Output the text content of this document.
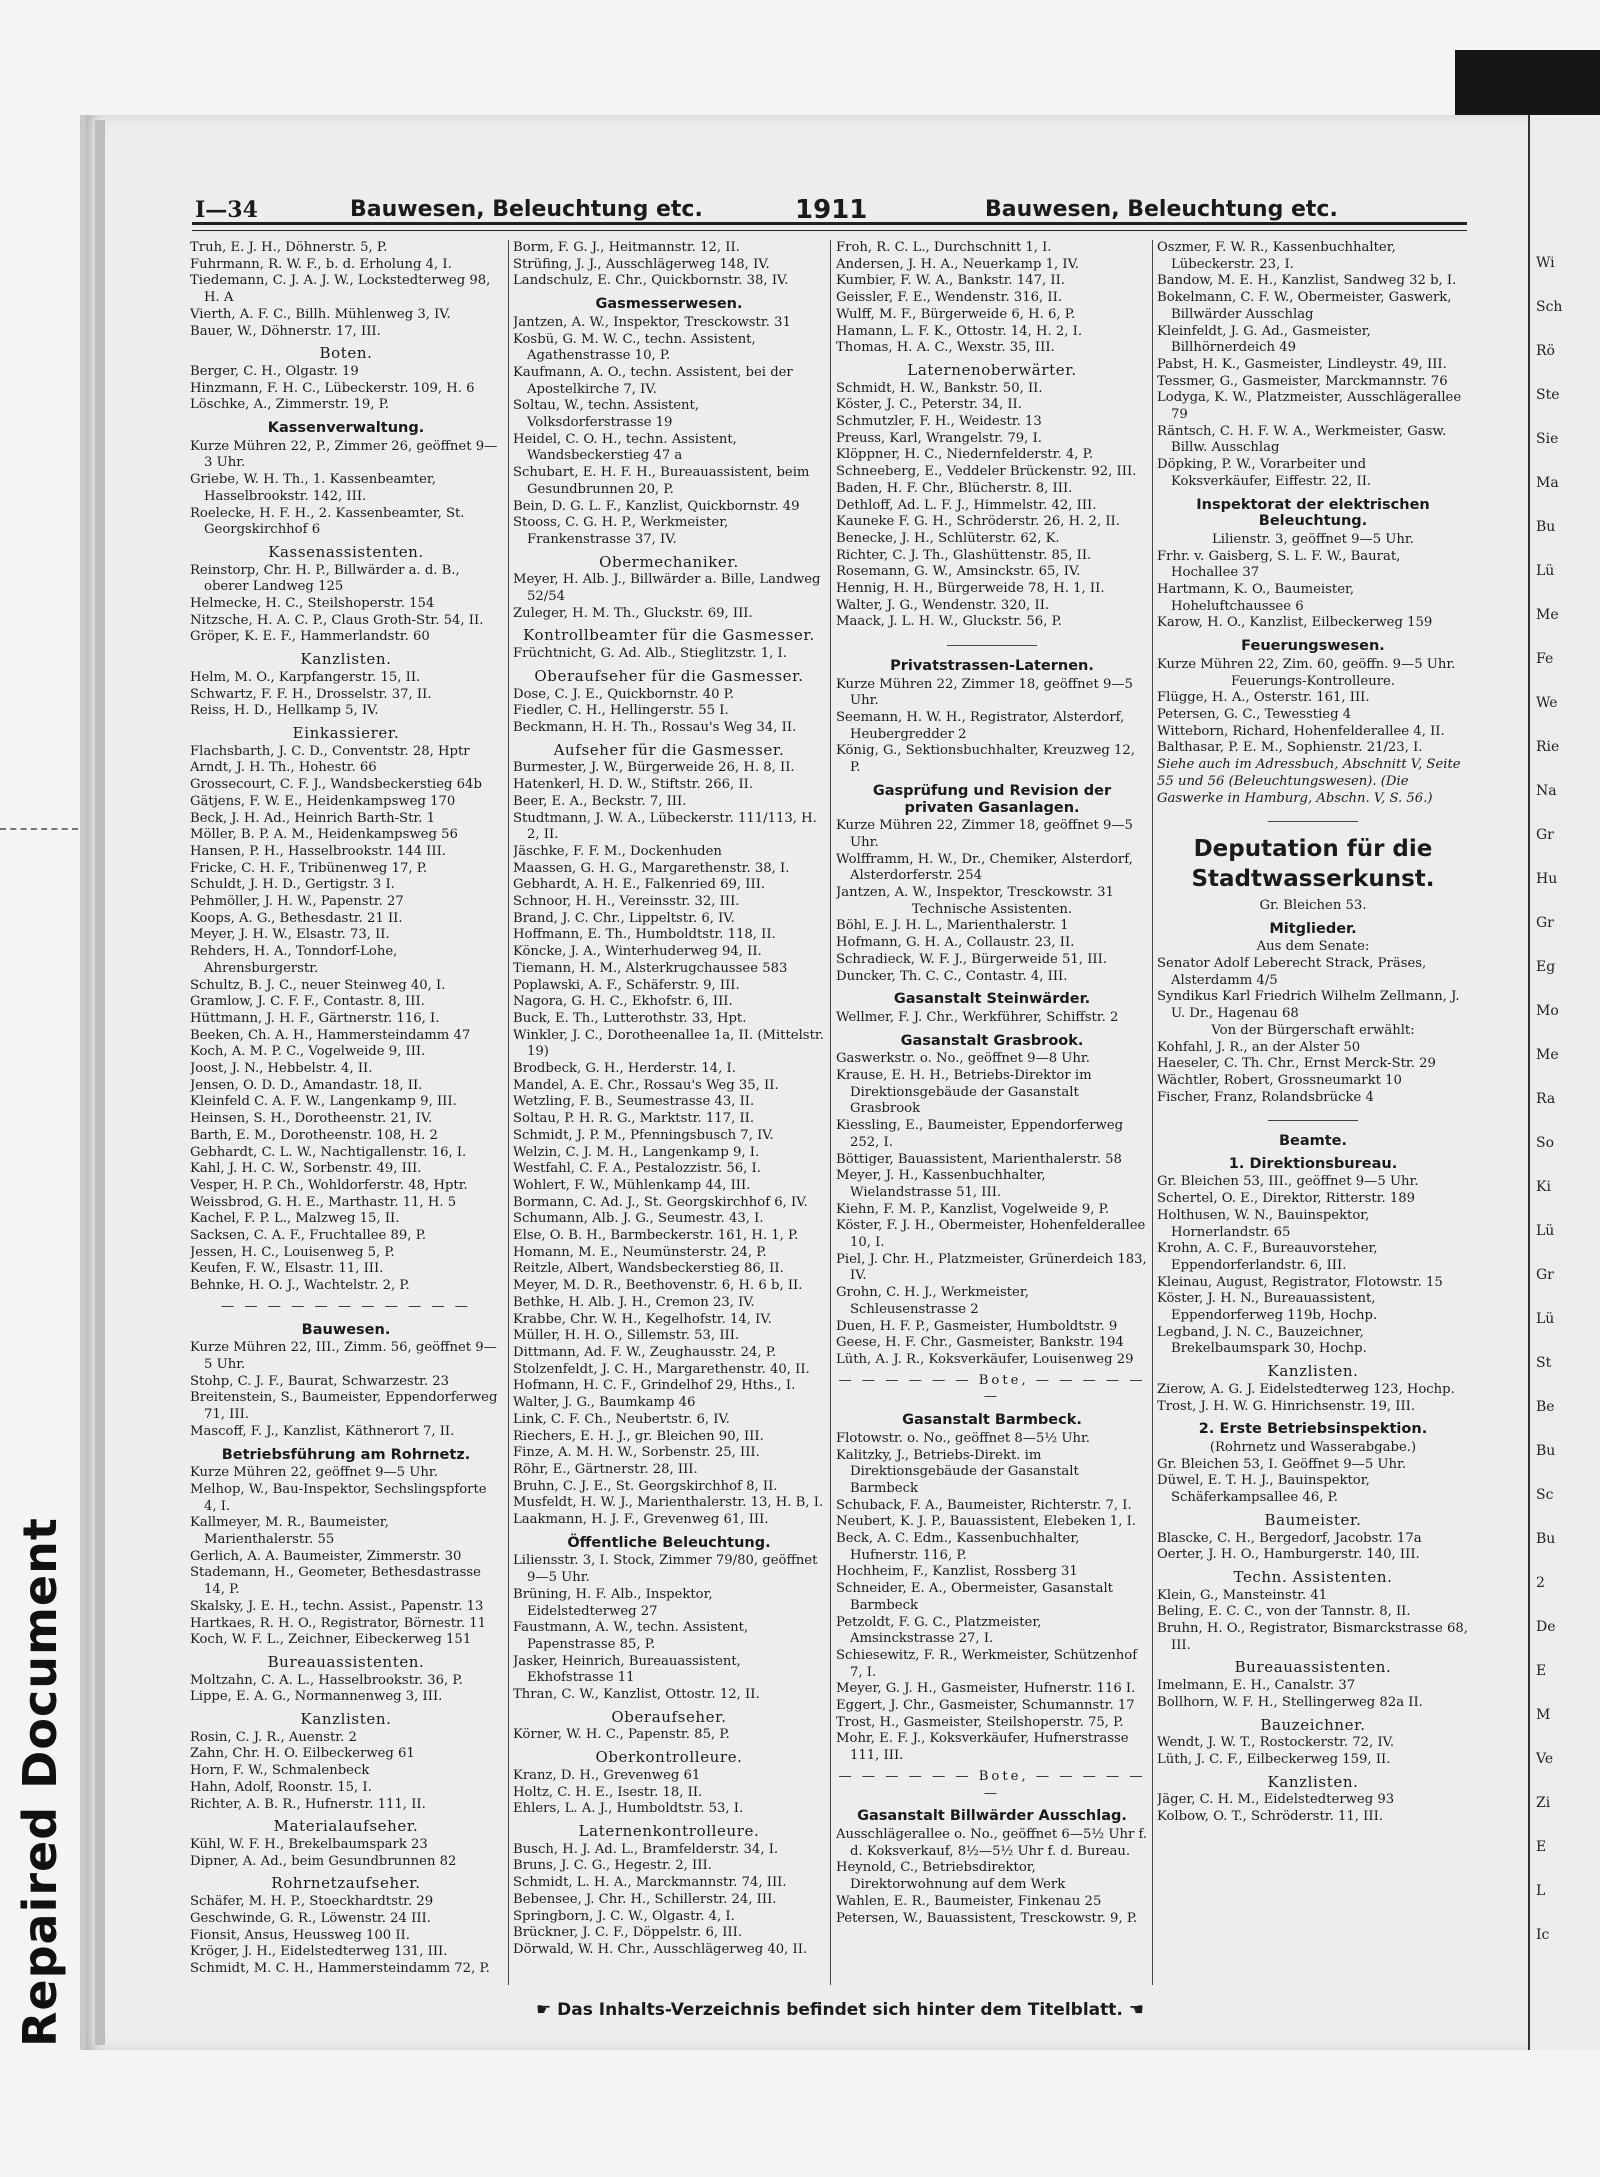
Repaired Document
Wi
Sch
Rö
Ste
Sie
Ma
Bu
Lü
Me
Fe
We
Rie
Na
Gr
Hu
Gr
Eg
Mo
Me
Ra
So
Ki
Lü
Gr
Lü
St
Be
Bu
Sc
Bu
2
De
E
M
Ve
Zi
E
L
Ic
I—34	Bauwesen, Beleuchtung etc.	1911	Bauwesen, Beleuchtung etc.
Truh, E. J. H., Döhnerstr. 5, P.
Fuhrmann, R. W. F., b. d. Erholung 4, I.
Tiedemann, C. J. A. J. W., Lockstedterweg 98, H. A
Vierth, A. F. C., Billh. Mühlenweg 3, IV.
Bauer, W., Döhnerstr. 17, III.
Boten.
Berger, C. H., Olgastr. 19
Hinzmann, F. H. C., Lübeckerstr. 109, H. 6
Löschke, A., Zimmerstr. 19, P.
Kassenverwaltung.
Kurze Mühren 22, P., Zimmer 26, geöffnet 9—3 Uhr.
Griebe, W. H. Th., 1. Kassenbeamter, Hasselbrookstr. 142, III.
Roelecke, H. F. H., 2. Kassenbeamter, St. Georgskirchhof 6
Kassenassistenten.
Reinstorp, Chr. H. P., Billwärder a. d. B., oberer Landweg 125
Helmecke, H. C., Steilshoperstr. 154
Nitzsche, H. A. C. P., Claus Groth-Str. 54, II.
Gröper, K. E. F., Hammerlandstr. 60
Kanzlisten.
Helm, M. O., Karpfangerstr. 15, II.
Schwartz, F. F. H., Drosselstr. 37, II.
Reiss, H. D., Hellkamp 5, IV.
Einkassierer.
Flachsbarth, J. C. D., Conventstr. 28, Hptr
Arndt, J. H. Th., Hohestr. 66
Grossecourt, C. F. J., Wandsbeckerstieg 64b
Gätjens, F. W. E., Heidenkampsweg 170
Beck, J. H. Ad., Heinrich Barth-Str. 1
Möller, B. P. A. M., Heidenkampsweg 56
Hansen, P. H., Hasselbrookstr. 144 III.
Fricke, C. H. F., Tribünenweg 17, P.
Schuldt, J. H. D., Gertigstr. 3 I.
Pehmöller, J. H. W., Papenstr. 27
Koops, A. G., Bethesdastr. 21 II.
Meyer, J. H. W., Elsastr. 73, II.
Rehders, H. A., Tonndorf-Lohe, Ahrensburgerstr.
Schultz, B. J. C., neuer Steinweg 40, I.
Gramlow, J. C. F. F., Contastr. 8, III.
Hüttmann, J. H. F., Gärtnerstr. 116, I.
Beeken, Ch. A. H., Hammersteindamm 47
Koch, A. M. P. C., Vogelweide 9, III.
Joost, J. N., Hebbelstr. 4, II.
Jensen, O. D. D., Amandastr. 18, II.
Kleinfeld C. A. F. W., Langenkamp 9, III.
Heinsen, S. H., Dorotheenstr. 21, IV.
Barth, E. M., Dorotheenstr. 108, H. 2
Gebhardt, C. L. W., Nachtigallenstr. 16, I.
Kahl, J. H. C. W., Sorbenstr. 49, III.
Vesper, H. P. Ch., Wohldorferstr. 48, Hptr.
Weissbrod, G. H. E., Marthastr. 11, H. 5
Kachel, F. P. L., Malzweg 15, II.
Sacksen, C. A. F., Fruchtallee 89, P.
Jessen, H. C., Louisenweg 5, P.
Keufen, F. W., Elsastr. 11, III.
Behnke, H. O. J., Wachtelstr. 2, P.
— — — — — — — — — — —
Bauwesen.
Kurze Mühren 22, III., Zimm. 56, geöffnet 9—5 Uhr.
Stohp, C. J. F., Baurat, Schwarzestr. 23
Breitenstein, S., Baumeister, Eppendorferweg 71, III.
Mascoff, F. J., Kanzlist, Käthnerort 7, II.
Betriebsführung am Rohrnetz.
Kurze Mühren 22, geöffnet 9—5 Uhr.
Melhop, W., Bau-Inspektor, Sechslingspforte 4, I.
Kallmeyer, M. R., Baumeister, Marienthalerstr. 55
Gerlich, A. A. Baumeister, Zimmerstr. 30
Stademann, H., Geometer, Bethesdastrasse 14, P.
Skalsky, J. E. H., techn. Assist., Papenstr. 13
Hartkaes, R. H. O., Registrator, Börnestr. 11
Koch, W. F. L., Zeichner, Eibeckerweg 151
Bureauassistenten.
Moltzahn, C. A. L., Hasselbrookstr. 36, P.
Lippe, E. A. G., Normannenweg 3, III.
Kanzlisten.
Rosin, C. J. R., Auenstr. 2
Zahn, Chr. H. O. Eilbeckerweg 61
Horn, F. W., Schmalenbeck
Hahn, Adolf, Roonstr. 15, I.
Richter, A. B. R., Hufnerstr. 111, II.
Materialaufseher.
Kühl, W. F. H., Brekelbaumspark 23
Dipner, A. Ad., beim Gesundbrunnen 82
Rohrnetzaufseher.
Schäfer, M. H. P., Stoeckhardtstr. 29
Geschwinde, G. R., Löwenstr. 24 III.
Fionsit, Ansus, Heussweg 100 II.
Kröger, J. H., Eidelstedterweg 131, III.
Schmidt, M. C. H., Hammersteindamm 72, P.
Borm, F. G. J., Heitmannstr. 12, II.
Strüfing, J. J., Ausschlägerweg 148, IV.
Landschulz, E. Chr., Quickbornstr. 38, IV.
Gasmesserwesen.
Jantzen, A. W., Inspektor, Tresckowstr. 31
Kosbü, G. M. W. C., techn. Assistent, Agathenstrasse 10, P.
Kaufmann, A. O., techn. Assistent, bei der Apostelkirche 7, IV.
Soltau, W., techn. Assistent, Volksdorferstrasse 19
Heidel, C. O. H., techn. Assistent, Wandsbeckerstieg 47 a
Schubart, E. H. F. H., Bureauassistent, beim Gesundbrunnen 20, P.
Bein, D. G. L. F., Kanzlist, Quickbornstr. 49
Stooss, C. G. H. P., Werkmeister, Frankenstrasse 37, IV.
Obermechaniker.
Meyer, H. Alb. J., Billwärder a. Bille, Landweg 52/54
Zuleger, H. M. Th., Gluckstr. 69, III.
Kontrollbeamter für die Gasmesser.
Früchtnicht, G. Ad. Alb., Stieglitzstr. 1, I.
Oberaufseher für die Gasmesser.
Dose, C. J. E., Quickbornstr. 40 P.
Fiedler, C. H., Hellingerstr. 55 I.
Beckmann, H. H. Th., Rossau's Weg 34, II.
Aufseher für die Gasmesser.
Burmester, J. W., Bürgerweide 26, H. 8, II.
Hatenkerl, H. D. W., Stiftstr. 266, II.
Beer, E. A., Beckstr. 7, III.
Studtmann, J. W. A., Lübeckerstr. 111/113, H. 2, II.
Jäschke, F. F. M., Dockenhuden
Maassen, G. H. G., Margarethenstr. 38, I.
Gebhardt, A. H. E., Falkenried 69, III.
Schnoor, H. H., Vereinsstr. 32, III.
Brand, J. C. Chr., Lippeltstr. 6, IV.
Hoffmann, E. Th., Humboldtstr. 118, II.
Köncke, J. A., Winterhuderweg 94, II.
Tiemann, H. M., Alsterkrugchaussee 583
Poplawski, A. F., Schäferstr. 9, III.
Nagora, G. H. C., Ekhofstr. 6, III.
Buck, E. Th., Lutterothstr. 33, Hpt.
Winkler, J. C., Dorotheenallee 1a, II. (Mittelstr. 19)
Brodbeck, G. H., Herderstr. 14, I.
Mandel, A. E. Chr., Rossau's Weg 35, II.
Wetzling, F. B., Seumestrasse 43, II.
Soltau, P. H. R. G., Marktstr. 117, II.
Schmidt, J. P. M., Pfenningsbusch 7, IV.
Welzin, C. J. M. H., Langenkamp 9, I.
Westfahl, C. F. A., Pestalozzistr. 56, I.
Wohlert, F. W., Mühlenkamp 44, III.
Bormann, C. Ad. J., St. Georgskirchhof 6, IV.
Schumann, Alb. J. G., Seumestr. 43, I.
Else, O. B. H., Barmbeckerstr. 161, H. 1, P.
Homann, M. E., Neumünsterstr. 24, P.
Reitzle, Albert, Wandsbeckerstieg 86, II.
Meyer, M. D. R., Beethovenstr. 6, H. 6 b, II.
Bethke, H. Alb. J. H., Cremon 23, IV.
Krabbe, Chr. W. H., Kegelhofstr. 14, IV.
Müller, H. H. O., Sillemstr. 53, III.
Dittmann, Ad. F. W., Zeughausstr. 24, P.
Stolzenfeldt, J. C. H., Margarethenstr. 40, II.
Hofmann, H. C. F., Grindelhof 29, Hths., I.
Walter, J. G., Baumkamp 46
Link, C. F. Ch., Neubertstr. 6, IV.
Riechers, E. H. J., gr. Bleichen 90, III.
Finze, A. M. H. W., Sorbenstr. 25, III.
Röhr, E., Gärtnerstr. 28, III.
Bruhn, C. J. E., St. Georgskirchhof 8, II.
Musfeldt, H. W. J., Marienthalerstr. 13, H. B, I.
Laakmann, H. J. F., Grevenweg 61, III.
Öffentliche Beleuchtung.
Liliensstr. 3, I. Stock, Zimmer 79/80, geöffnet 9—5 Uhr.
Brüning, H. F. Alb., Inspektor, Eidelstedterweg 27
Faustmann, A. W., techn. Assistent, Papenstrasse 85, P.
Jasker, Heinrich, Bureauassistent, Ekhofstrasse 11
Thran, C. W., Kanzlist, Ottostr. 12, II.
Oberaufseher.
Körner, W. H. C., Papenstr. 85, P.
Oberkontrolleure.
Kranz, D. H., Grevenweg 61
Holtz, C. H. E., Isestr. 18, II.
Ehlers, L. A. J., Humboldtstr. 53, I.
Laternenkontrolleure.
Busch, H. J. Ad. L., Bramfelderstr. 34, I.
Bruns, J. C. G., Hegestr. 2, III.
Schmidt, L. H. A., Marckmannstr. 74, III.
Bebensee, J. Chr. H., Schillerstr. 24, III.
Springborn, J. C. W., Olgastr. 4, I.
Brückner, J. C. F., Döppelstr. 6, III.
Dörwald, W. H. Chr., Ausschlägerweg 40, II.
Froh, R. C. L., Durchschnitt 1, I.
Andersen, J. H. A., Neuerkamp 1, IV.
Kumbier, F. W. A., Bankstr. 147, II.
Geissler, F. E., Wendenstr. 316, II.
Wulff, M. F., Bürgerweide 6, H. 6, P.
Hamann, L. F. K., Ottostr. 14, H. 2, I.
Thomas, H. A. C., Wexstr. 35, III.
Laternenoberwärter.
Schmidt, H. W., Bankstr. 50, II.
Köster, J. C., Peterstr. 34, II.
Schmutzler, F. H., Weidestr. 13
Preuss, Karl, Wrangelstr. 79, I.
Klöppner, H. C., Niedernfelderstr. 4, P.
Schneeberg, E., Veddeler Brückenstr. 92, III.
Baden, H. F. Chr., Blücherstr. 8, III.
Dethloff, Ad. L. F. J., Himmelstr. 42, III.
Kauneke F. G. H., Schröderstr. 26, H. 2, II.
Benecke, J. H., Schlüterstr. 62, K.
Richter, C. J. Th., Glashüttenstr. 85, II.
Rosemann, G. W., Amsinckstr. 65, IV.
Hennig, H. H., Bürgerweide 78, H. 1, II.
Walter, J. G., Wendenstr. 320, II.
Maack, J. L. H. W., Gluckstr. 56, P.
Privatstrassen-Laternen.
Kurze Mühren 22, Zimmer 18, geöffnet 9—5 Uhr.
Seemann, H. W. H., Registrator, Alsterdorf, Heubergredder 2
König, G., Sektionsbuchhalter, Kreuzweg 12, P.
Gasprüfung und Revision der privaten Gasanlagen.
Kurze Mühren 22, Zimmer 18, geöffnet 9—5 Uhr.
Wolfframm, H. W., Dr., Chemiker, Alsterdorf, Alsterdorferstr. 254
Jantzen, A. W., Inspektor, Tresckowstr. 31
Technische Assistenten.
Böhl, E. J. H. L., Marienthalerstr. 1
Hofmann, G. H. A., Collaustr. 23, II.
Schradieck, W. F. J., Bürgerweide 51, III.
Duncker, Th. C. C., Contastr. 4, III.
Gasanstalt Steinwärder.
Wellmer, F. J. Chr., Werkführer, Schiffstr. 2
Gasanstalt Grasbrook.
Gaswerkstr. o. No., geöffnet 9—8 Uhr.
Krause, E. H. H., Betriebs-Direktor im Direktionsgebäude der Gasanstalt Grasbrook
Kiessling, E., Baumeister, Eppendorferweg 252, I.
Böttiger, Bauassistent, Marienthalerstr. 58
Meyer, J. H., Kassenbuchhalter, Wielandstrasse 51, III.
Kiehn, F. M. P., Kanzlist, Vogelweide 9, P.
Köster, F. J. H., Obermeister, Hohenfelderallee 10, I.
Piel, J. Chr. H., Platzmeister, Grünerdeich 183, IV.
Grohn, C. H. J., Werkmeister, Schleusenstrasse 2
Duen, H. F. P., Gasmeister, Humboldtstr. 9
Geese, H. F. Chr., Gasmeister, Bankstr. 194
Lüth, A. J. R., Koksverkäufer, Louisenweg 29
— — — — — — Bote, — — — — — —
Gasanstalt Barmbeck.
Flotowstr. o. No., geöffnet 8—5½ Uhr.
Kalitzky, J., Betriebs-Direkt. im Direktionsgebäude der Gasanstalt Barmbeck
Schuback, F. A., Baumeister, Richterstr. 7, I.
Neubert, K. J. P., Bauassistent, Elebeken 1, I.
Beck, A. C. Edm., Kassenbuchhalter, Hufnerstr. 116, P.
Hochheim, F., Kanzlist, Rossberg 31
Schneider, E. A., Obermeister, Gasanstalt Barmbeck
Petzoldt, F. G. C., Platzmeister, Amsinckstrasse 27, I.
Schiesewitz, F. R., Werkmeister, Schützenhof 7, I.
Meyer, G. J. H., Gasmeister, Hufnerstr. 116 I.
Eggert, J. Chr., Gasmeister, Schumannstr. 17
Trost, H., Gasmeister, Steilshoperstr. 75, P.
Mohr, E. F. J., Koksverkäufer, Hufnerstrasse 111, III.
— — — — — — Bote, — — — — — —
Gasanstalt Billwärder Ausschlag.
Ausschlägerallee o. No., geöffnet 6—5½ Uhr f. d. Koksverkauf, 8½—5½ Uhr f. d. Bureau.
Heynold, C., Betriebsdirektor, Direktorwohnung auf dem Werk
Wahlen, E. R., Baumeister, Finkenau 25
Petersen, W., Bauassistent, Tresckowstr. 9, P.
Oszmer, F. W. R., Kassenbuchhalter, Lübeckerstr. 23, I.
Bandow, M. E. H., Kanzlist, Sandweg 32 b, I.
Bokelmann, C. F. W., Obermeister, Gaswerk, Billwärder Ausschlag
Kleinfeldt, J. G. Ad., Gasmeister, Billhörnerdeich 49
Pabst, H. K., Gasmeister, Lindleystr. 49, III.
Tessmer, G., Gasmeister, Marckmannstr. 76
Lodyga, K. W., Platzmeister, Ausschlägerallee 79
Räntsch, C. H. F. W. A., Werkmeister, Gasw. Billw. Ausschlag
Döpking, P. W., Vorarbeiter und Koksverkäufer, Eiffestr. 22, II.
Inspektorat der elektrischen Beleuchtung.
Lilienstr. 3, geöffnet 9—5 Uhr.
Frhr. v. Gaisberg, S. L. F. W., Baurat, Hochallee 37
Hartmann, K. O., Baumeister, Hoheluftchaussee 6
Karow, H. O., Kanzlist, Eilbeckerweg 159
Feuerungswesen.
Kurze Mühren 22, Zim. 60, geöffn. 9—5 Uhr.
Feuerungs-Kontrolleure.
Flügge, H. A., Osterstr. 161, III.
Petersen, G. C., Tewesstieg 4
Witteborn, Richard, Hohenfelderallee 4, II.
Balthasar, P. E. M., Sophienstr. 21/23, I.
Siehe auch im Adressbuch, Abschnitt V, Seite 55 und 56 (Beleuchtungswesen). (Die Gaswerke in Hamburg, Abschn. V, S. 56.)
Deputation für die Stadtwasserkunst.
Gr. Bleichen 53.
Mitglieder.
Aus dem Senate:
Senator Adolf Leberecht Strack, Präses, Alsterdamm 4/5
Syndikus Karl Friedrich Wilhelm Zellmann, J. U. Dr., Hagenau 68
Von der Bürgerschaft erwählt:
Kohfahl, J. R., an der Alster 50
Haeseler, C. Th. Chr., Ernst Merck-Str. 29
Wächtler, Robert, Grossneumarkt 10
Fischer, Franz, Rolandsbrücke 4
Beamte.
1. Direktionsbureau.
Gr. Bleichen 53, III., geöffnet 9—5 Uhr.
Schertel, O. E., Direktor, Ritterstr. 189
Holthusen, W. N., Bauinspektor, Hornerlandstr. 65
Krohn, A. C. F., Bureauvorsteher, Eppendorferlandstr. 6, III.
Kleinau, August, Registrator, Flotowstr. 15
Köster, J. H. N., Bureauassistent, Eppendorferweg 119b, Hochp.
Legband, J. N. C., Bauzeichner, Brekelbaumspark 30, Hochp.
Kanzlisten.
Zierow, A. G. J. Eidelstedterweg 123, Hochp.
Trost, J. H. W. G. Hinrichsenstr. 19, III.
2. Erste Betriebsinspektion.
(Rohrnetz und Wasserabgabe.)
Gr. Bleichen 53, I. Geöffnet 9—5 Uhr.
Düwel, E. T. H. J., Bauinspektor, Schäferkampsallee 46, P.
Baumeister.
Blascke, C. H., Bergedorf, Jacobstr. 17a
Oerter, J. H. O., Hamburgerstr. 140, III.
Techn. Assistenten.
Klein, G., Mansteinstr. 41
Beling, E. C. C., von der Tannstr. 8, II.
Bruhn, H. O., Registrator, Bismarckstrasse 68, III.
Bureauassistenten.
Imelmann, E. H., Canalstr. 37
Bollhorn, W. F. H., Stellingerweg 82a II.
Bauzeichner.
Wendt, J. W. T., Rostockerstr. 72, IV.
Lüth, J. C. F., Eilbeckerweg 159, II.
Kanzlisten.
Jäger, C. H. M., Eidelstedterweg 93
Kolbow, O. T., Schröderstr. 11, III.
☛ Das Inhalts-Verzeichnis befindet sich hinter dem Titelblatt. ☚
